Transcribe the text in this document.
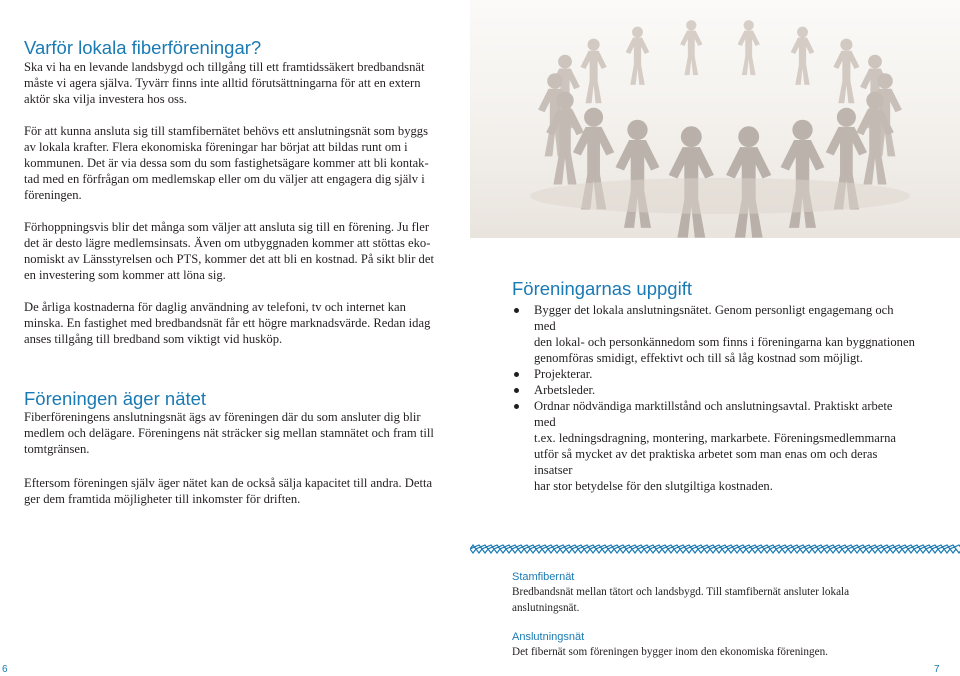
Varför lokala fiberföreningar?
Ska vi ha en levande landsbygd och tillgång till ett framtidssäkert bredbandsnät
måste vi agera själva. Tyvärr finns inte alltid förutsättningarna för att en extern
aktör ska vilja investera hos oss.
För att kunna ansluta sig till stamfibernätet behövs ett anslutningsnät som byggs
av lokala krafter. Flera ekonomiska föreningar har börjat att bildas runt om i
kommunen. Det är via dessa som du som fastighetsägare kommer att bli kontak-
tad med en förfrågan om medlemskap eller om du väljer att engagera dig själv i
föreningen.
Förhoppningsvis blir det många som väljer att ansluta sig till en förening. Ju fler
det är desto lägre medlemsinsats. Även om utbyggnaden kommer att stöttas eko-
nomiskt av Länsstyrelsen och PTS, kommer det att bli en kostnad. På sikt blir det
en investering som kommer att löna sig.
De årliga kostnaderna för daglig användning av telefoni, tv och internet kan
minska. En fastighet med bredbandsnät får ett högre marknadsvärde. Redan idag
anses tillgång till bredband som viktigt vid husköp.
Föreningen äger nätet
Fiberföreningens anslutningsnät ägs av föreningen där du som ansluter dig blir
medlem och delägare. Föreningens nät sträcker sig mellan stamnätet och fram till
tomtgränsen.
Eftersom föreningen själv äger nätet kan de också sälja kapacitet till andra. Detta
ger dem framtida möjligheter till inkomster för driften.
Föreningarnas uppgift
Bygger det lokala anslutningsnätet. Genom personligt engagemang och med
den lokal- och personkännedom som finns i föreningarna kan byggnationen
genomföras smidigt, effektivt och till så låg kostnad som möjligt.
Projekterar.
Arbetsleder.
Ordnar nödvändiga marktillstånd och anslutningsavtal. Praktiskt arbete med
t.ex. ledningsdragning, montering, markarbete. Föreningsmedlemmarna
utför så mycket av det praktiska arbetet som man enas om och deras insatser
har stor betydelse för den slutgiltiga kostnaden.
Stamfibernät
Bredbandsnät mellan tätort och landsbygd. Till stamfibernät ansluter lokala
anslutningsnät.
Anslutningsnät
Det fibernät som föreningen bygger inom den ekonomiska föreningen.
6	7
